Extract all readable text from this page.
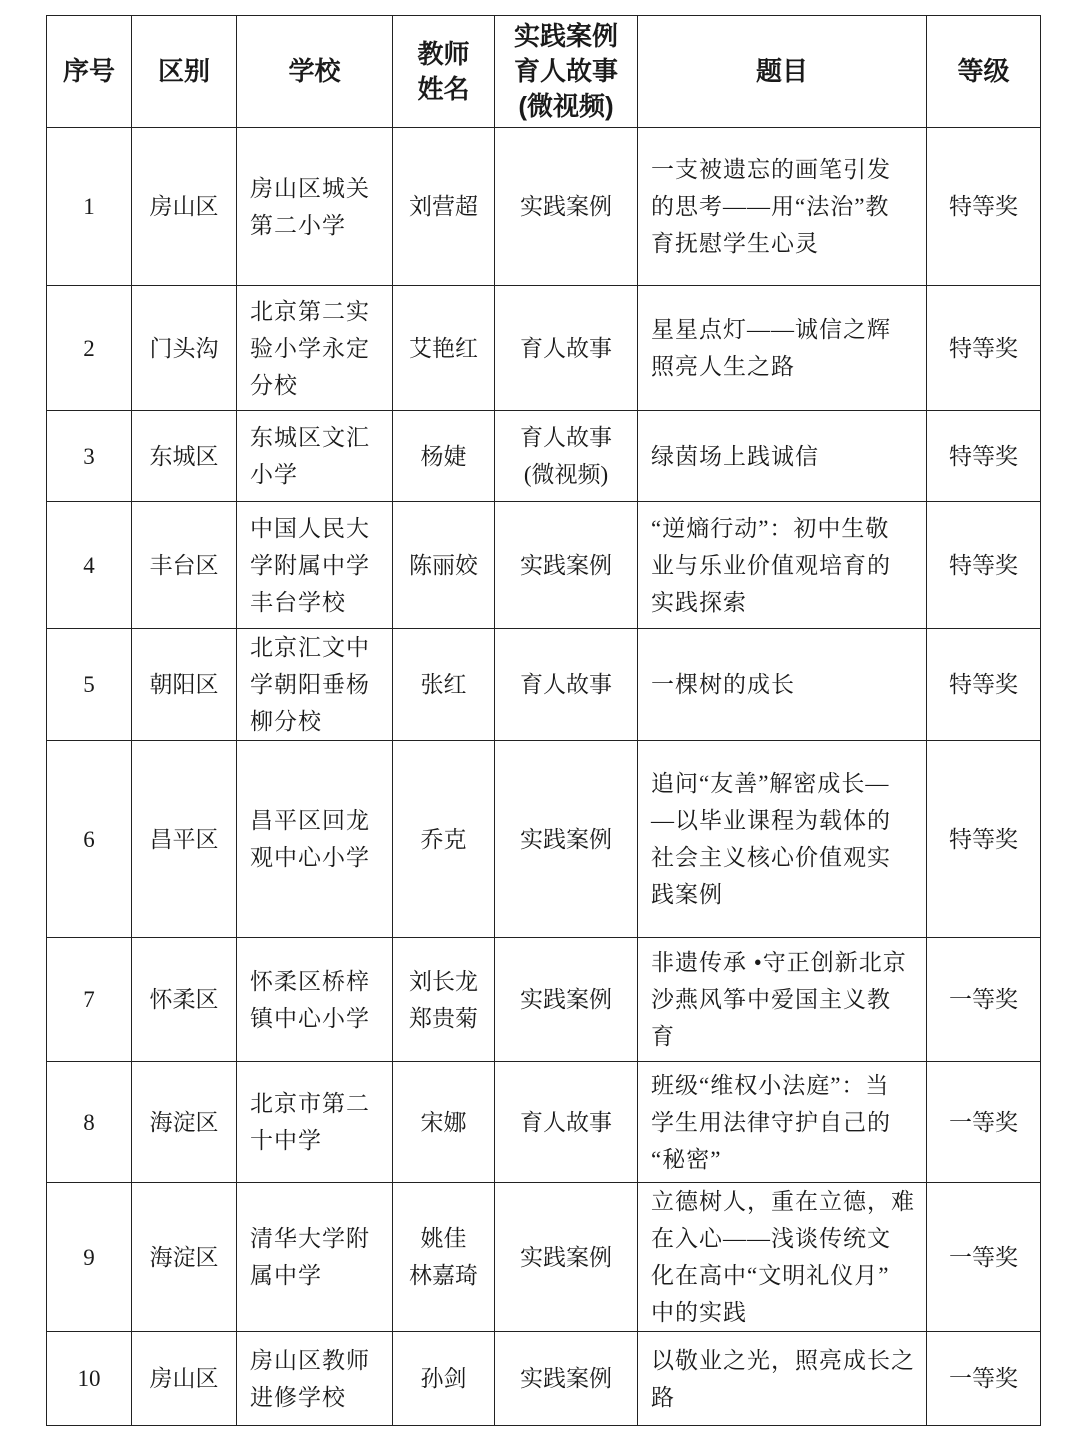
序号	区别	学校	教师
姓名	实践案例
育人故事
(微视频)	题目	等级
1	房山区	房山区城关
第二小学	刘营超	实践案例	一支被遗忘的画笔引发
的思考——用“法治”教
育抚慰学生心灵	特等奖
2	门头沟	北京第二实
验小学永定
分校	艾艳红	育人故事	星星点灯——诚信之辉
照亮人生之路	特等奖
3	东城区	东城区文汇
小学	杨婕	育人故事
(微视频)	绿茵场上践诚信	特等奖
4	丰台区	中国人民大
学附属中学
丰台学校	陈丽姣	实践案例	“逆熵行动”：初中生敬
业与乐业价值观培育的
实践探索	特等奖
5	朝阳区	北京汇文中
学朝阳垂杨
柳分校	张红	育人故事	一棵树的成长	特等奖
6	昌平区	昌平区回龙
观中心小学	乔克	实践案例	追问“友善”解密成长—
—以毕业课程为载体的
社会主义核心价值观实
践案例	特等奖
7	怀柔区	怀柔区桥梓
镇中心小学	刘长龙
郑贵菊	实践案例	非遗传承 •守正创新北京
沙燕风筝中爱国主义教
育	一等奖
8	海淀区	北京市第二
十中学	宋娜	育人故事	班级“维权小法庭”：当
学生用法律守护自己的
“秘密”	一等奖
9	海淀区	清华大学附
属中学	姚佳
林嘉琦	实践案例	立德树人，重在立德，难
在入心——浅谈传统文
化在高中“文明礼仪月”
中的实践	一等奖
10	房山区	房山区教师
进修学校	孙剑	实践案例	以敬业之光，照亮成长之
路	一等奖
